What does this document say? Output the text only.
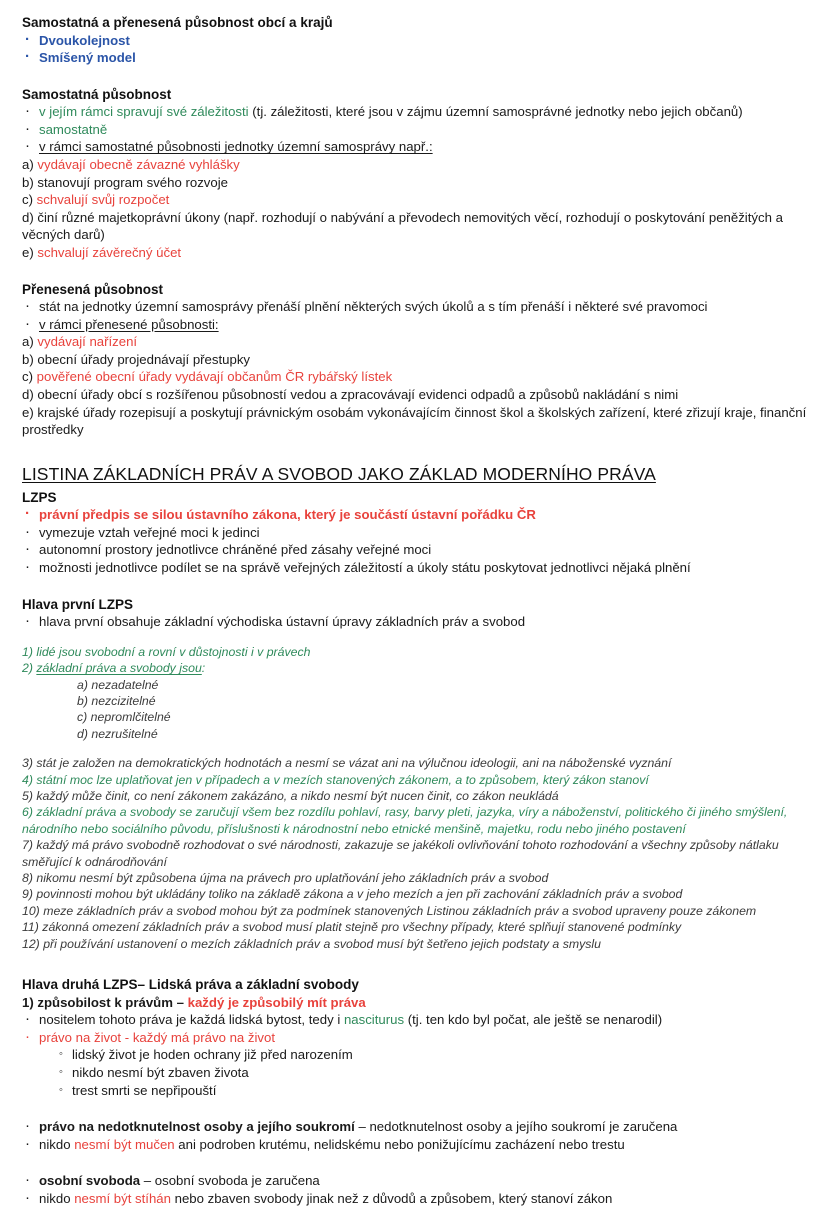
Samostatná a přenesená působnost obcí a krajů

· Dvoukolejnost

· Smíšený model

Samostatná působnost

· v jejím rámci spravují své záležitosti (tj. záležitosti, které jsou v zájmu územní samosprávné jednotky nebo jejich občanů)

· samostatně

· v rámci samostatné působnosti jednotky územní samosprávy např.:

a) vydávají obecně závazné vyhlášky

b) stanovují program svého rozvoje

c) schvalují svůj rozpočet

d) činí různé majetkoprávní úkony (např. rozhodují o nabývání a převodech nemovitých věcí, rozhodují o poskytování peněžitých a věcných darů)

e) schvalují závěrečný účet

Přenesená působnost

· stát na jednotky územní samosprávy přenáší plnění některých svých úkolů a s tím přenáší i některé své pravomoci

· v rámci přenesené působnosti:

a) vydávají nařízení

b) obecní úřady projednávají přestupky

c) pověřené obecní úřady vydávají občanům ČR rybářský lístek

d) obecní úřady obcí s rozšířenou působností vedou a zpracovávají evidenci odpadů a způsobů nakládání s nimi

e) krajské úřady rozepisují a poskytují právnickým osobám vykonávajícím činnost škol a školských zařízení, které zřizují kraje, finanční prostředky

LISTINA ZÁKLADNÍCH PRÁV A SVOBOD JAKO ZÁKLAD MODERNÍHO PRÁVA

LZPS

· právní předpis se silou ústavního zákona, který je součástí ústavní pořádku ČR

· vymezuje vztah veřejné moci k jedinci

· autonomní prostory jednotlivce chráněné před zásahy veřejné moci

· možnosti jednotlivce podílet se na správě veřejných záležitostí a úkoly státu poskytovat jednotlivci nějaká plnění

Hlava první LZPS

· hlava první obsahuje základní východiska ústavní úpravy základních práv a svobod

1) lidé jsou svobodní a rovní v důstojnosti i v právech

2) základní práva a svobody jsou:

a) nezadatelné

b) nezcizitelné

c) nepromlčitelné

d) nezrušitelné

3) stát je založen na demokratických hodnotách a nesmí se vázat ani na výlučnou ideologii, ani na náboženské vyznání

4) státní moc lze uplatňovat jen v případech a v mezích stanovených zákonem, a to způsobem, který zákon stanoví

5) každý může činit, co není zákonem zakázáno, a nikdo nesmí být nucen činit, co zákon neukládá

6) základní práva a svobody se zaručují všem bez rozdílu pohlaví, rasy, barvy pleti, jazyka, víry a náboženství, politického či jiného smýšlení, národního nebo sociálního původu, příslušnosti k národnostní nebo etnické menšině, majetku, rodu nebo jiného postavení

7) každý má právo svobodně rozhodovat o své národnosti, zakazuje se jakékoli ovlivňování tohoto rozhodování a všechny způsoby nátlaku směřující k odnárodňování

8) nikomu nesmí být způsobena újma na právech pro uplatňování jeho základních práv a svobod

9) povinnosti mohou být ukládány toliko na základě zákona a v jeho mezích a jen při zachování základních práv a svobod

10) meze základních práv a svobod mohou být za podmínek stanovených Listinou základních práv a svobod upraveny pouze zákonem

11) zákonná omezení základních práv a svobod musí platit stejně pro všechny případy, které splňují stanovené podmínky

12) při používání ustanovení o mezích základních práv a svobod musí být šetřeno jejich podstaty a smyslu

Hlava druhá LZPS– Lidská práva a základní svobody

1) způsobilost k právům – každý je způsobilý mít práva

· nositelem tohoto práva je každá lidská bytost, tedy i nasciturus (tj. ten kdo byl počat, ale ještě se nenarodil)

· právo na život - každý má právo na život

◦ lidský život je hoden ochrany již před narozením

◦ nikdo nesmí být zbaven života

◦ trest smrti se nepřipouští

· právo na nedotknutelnost osoby a jejího soukromí – nedotknutelnost osoby a jejího soukromí je zaručena

· nikdo nesmí být mučen ani podroben krutému, nelidskému nebo ponižujícímu zacházení nebo trestu

· osobní svoboda – osobní svoboda je zaručena

· nikdo nesmí být stíhán nebo zbaven svobody jinak než z důvodů a způsobem, který stanoví zákon
